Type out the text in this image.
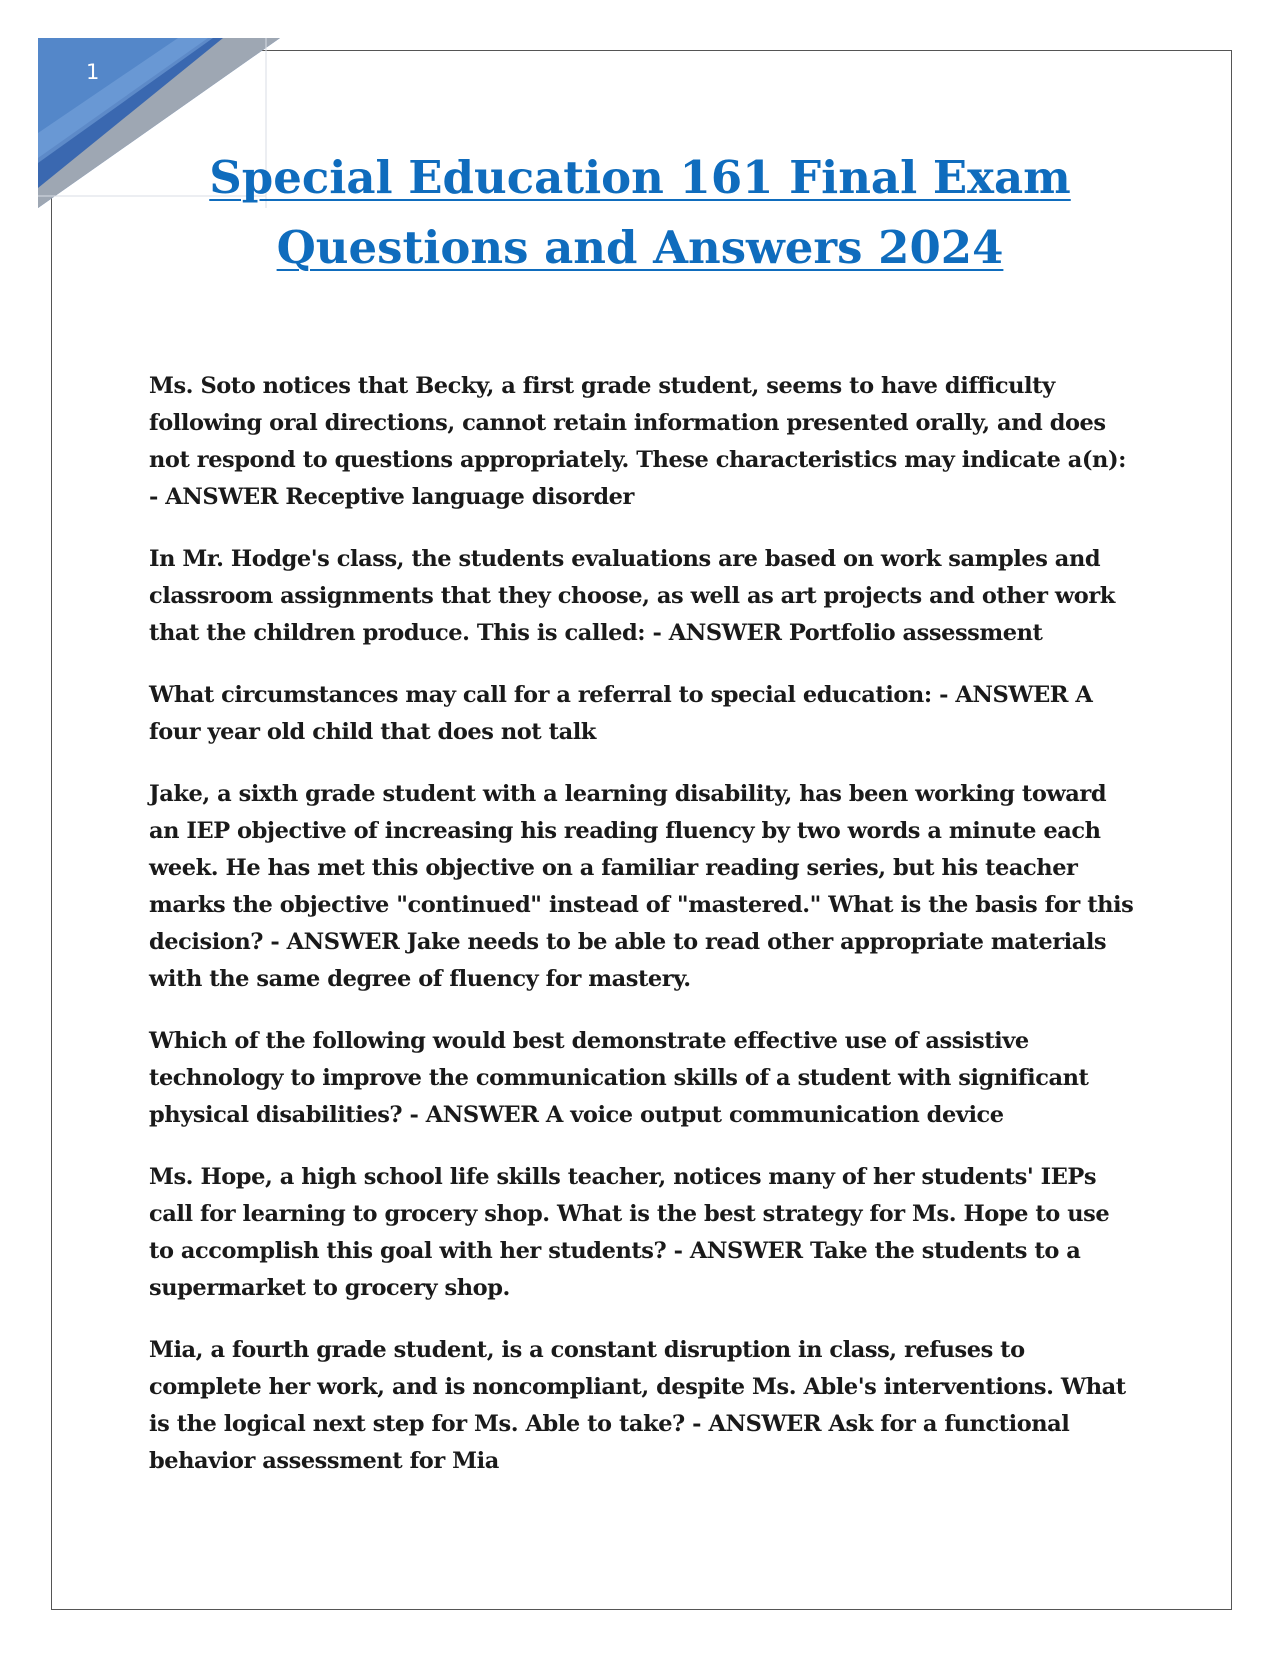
1
Special Education 161 Final Exam
Questions and Answers 2024

Ms. Soto notices that Becky, a first grade student, seems to have difficulty following oral directions, cannot retain information presented orally, and does not respond to questions appropriately. These characteristics may indicate a(n): - ANSWER Receptive language disorder

In Mr. Hodge's class, the students evaluations are based on work samples and classroom assignments that they choose, as well as art projects and other work that the children produce. This is called: - ANSWER Portfolio assessment

What circumstances may call for a referral to special education: - ANSWER A four year old child that does not talk

Jake, a sixth grade student with a learning disability, has been working toward an IEP objective of increasing his reading fluency by two words a minute each week. He has met this objective on a familiar reading series, but his teacher marks the objective "continued" instead of "mastered." What is the basis for this decision? - ANSWER Jake needs to be able to read other appropriate materials with the same degree of fluency for mastery.

Which of the following would best demonstrate effective use of assistive technology to improve the communication skills of a student with significant physical disabilities? - ANSWER A voice output communication device

Ms. Hope, a high school life skills teacher, notices many of her students' IEPs call for learning to grocery shop. What is the best strategy for Ms. Hope to use to accomplish this goal with her students? - ANSWER Take the students to a supermarket to grocery shop.

Mia, a fourth grade student, is a constant disruption in class, refuses to complete her work, and is noncompliant, despite Ms. Able's interventions. What is the logical next step for Ms. Able to take? - ANSWER Ask for a functional behavior assessment for Mia
